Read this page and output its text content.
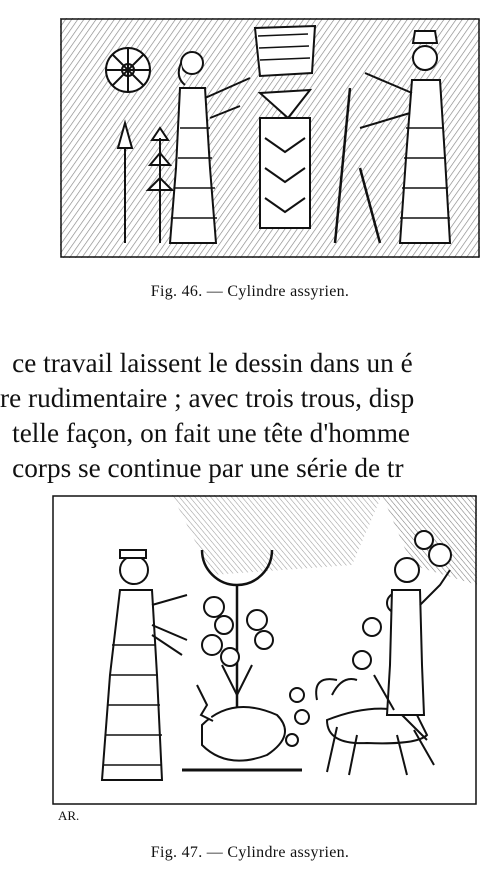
Fig. 46. — Cylindre assyrien.
ce travail laissent le dessin dans un é
re rudimentaire ; avec trois trous, disp
telle façon, on fait une tête d'homme
corps se continue par une série de tr
AR.
Fig. 47. — Cylindre assyrien.
